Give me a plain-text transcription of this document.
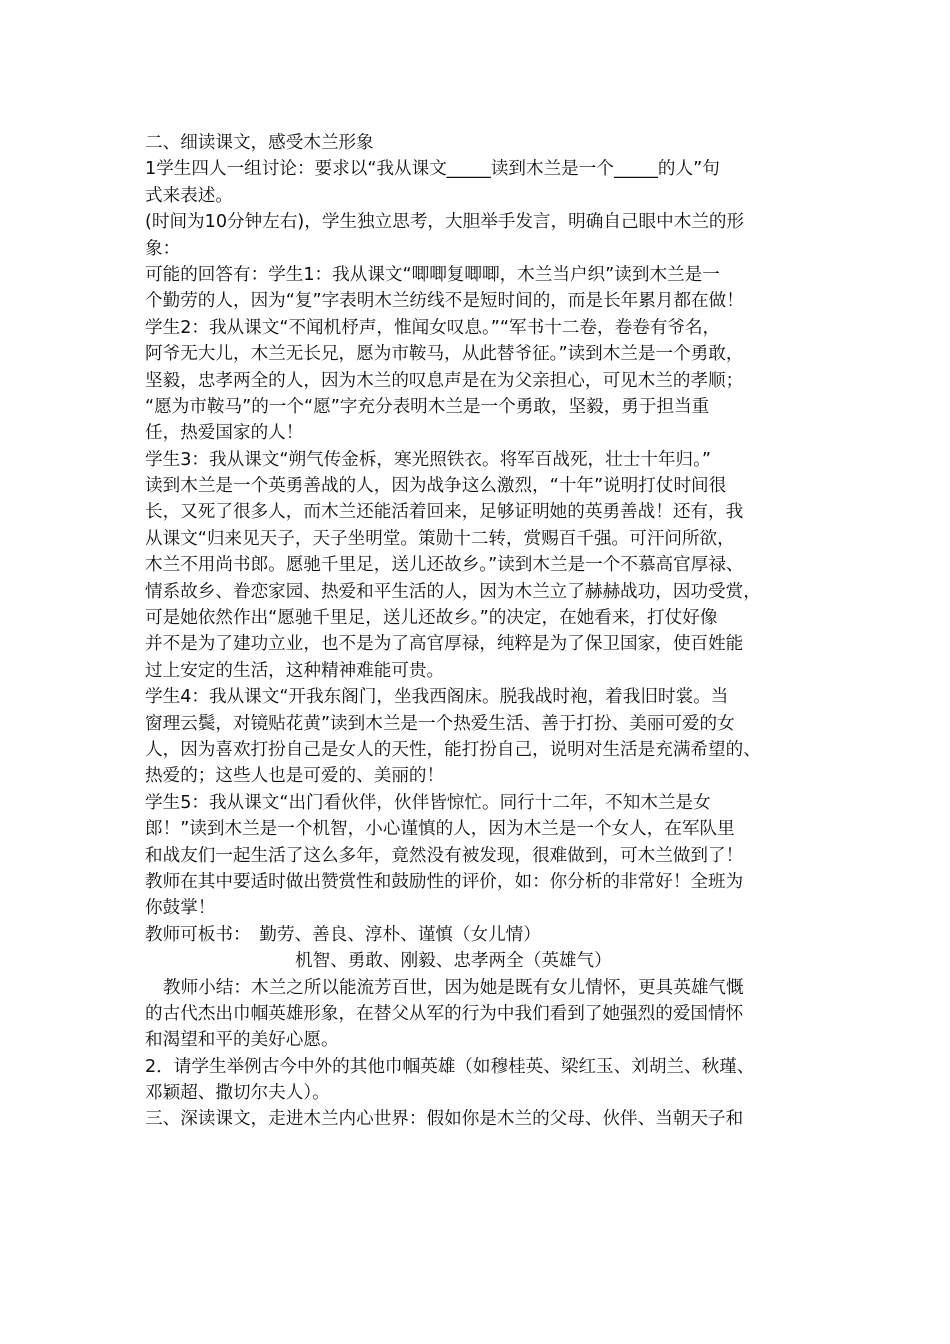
二、细读课文，感受木兰形象
1学生四人一组讨论：要求以“我从课文_____读到木兰是一个_____的人”句
式来表述。
(时间为10分钟左右)，学生独立思考，大胆举手发言，明确自己眼中木兰的形
象：
可能的回答有：学生1：我从课文“唧唧复唧唧，木兰当户织”读到木兰是一
个勤劳的人，因为“复”字表明木兰纺线不是短时间的，而是长年累月都在做！
学生2：我从课文“不闻机杼声，惟闻女叹息。”“军书十二卷，卷卷有爷名，
阿爷无大儿，木兰无长兄，愿为市鞍马，从此替爷征。”读到木兰是一个勇敢，
坚毅，忠孝两全的人，因为木兰的叹息声是在为父亲担心，可见木兰的孝顺；
“愿为市鞍马”的一个“愿”字充分表明木兰是一个勇敢，坚毅，勇于担当重
任，热爱国家的人！
学生3：我从课文“朔气传金柝，寒光照铁衣。将军百战死，壮士十年归。”
读到木兰是一个英勇善战的人，因为战争这么激烈，“十年”说明打仗时间很
长，又死了很多人，而木兰还能活着回来，足够证明她的英勇善战！还有，我
从课文“归来见天子，天子坐明堂。策勋十二转，赏赐百千强。可汗问所欲，
木兰不用尚书郎。愿驰千里足，送儿还故乡。”读到木兰是一个不慕高官厚禄、
情系故乡、眷恋家园、热爱和平生活的人，因为木兰立了赫赫战功，因功受赏，
可是她依然作出“愿驰千里足，送儿还故乡。”的决定，在她看来，打仗好像
并不是为了建功立业，也不是为了高官厚禄，纯粹是为了保卫国家，使百姓能
过上安定的生活，这种精神难能可贵。
学生4：我从课文“开我东阁门，坐我西阁床。脱我战时袍，着我旧时裳。当
窗理云鬓，对镜贴花黄”读到木兰是一个热爱生活、善于打扮、美丽可爱的女
人，因为喜欢打扮自己是女人的天性，能打扮自己，说明对生活是充满希望的、
热爱的；这些人也是可爱的、美丽的！
学生5：我从课文“出门看伙伴，伙伴皆惊忙。同行十二年，不知木兰是女
郎！”读到木兰是一个机智，小心谨慎的人，因为木兰是一个女人，在军队里
和战友们一起生活了这么多年，竟然没有被发现，很难做到，可木兰做到了！
教师在其中要适时做出赞赏性和鼓励性的评价，如：你分析的非常好！全班为
你鼓掌！
教师可板书：　勤劳、善良、淳朴、谨慎（女儿情）
机智、勇敢、刚毅、忠孝两全（英雄气）
教师小结：木兰之所以能流芳百世，因为她是既有女儿情怀，更具英雄气慨
的古代杰出巾帼英雄形象，在替父从军的行为中我们看到了她强烈的爱国情怀
和渴望和平的美好心愿。
2．请学生举例古今中外的其他巾帼英雄（如穆桂英、梁红玉、刘胡兰、秋瑾、
邓颖超、撒切尔夫人）。
三、深读课文，走进木兰内心世界：假如你是木兰的父母、伙伴、当朝天子和
